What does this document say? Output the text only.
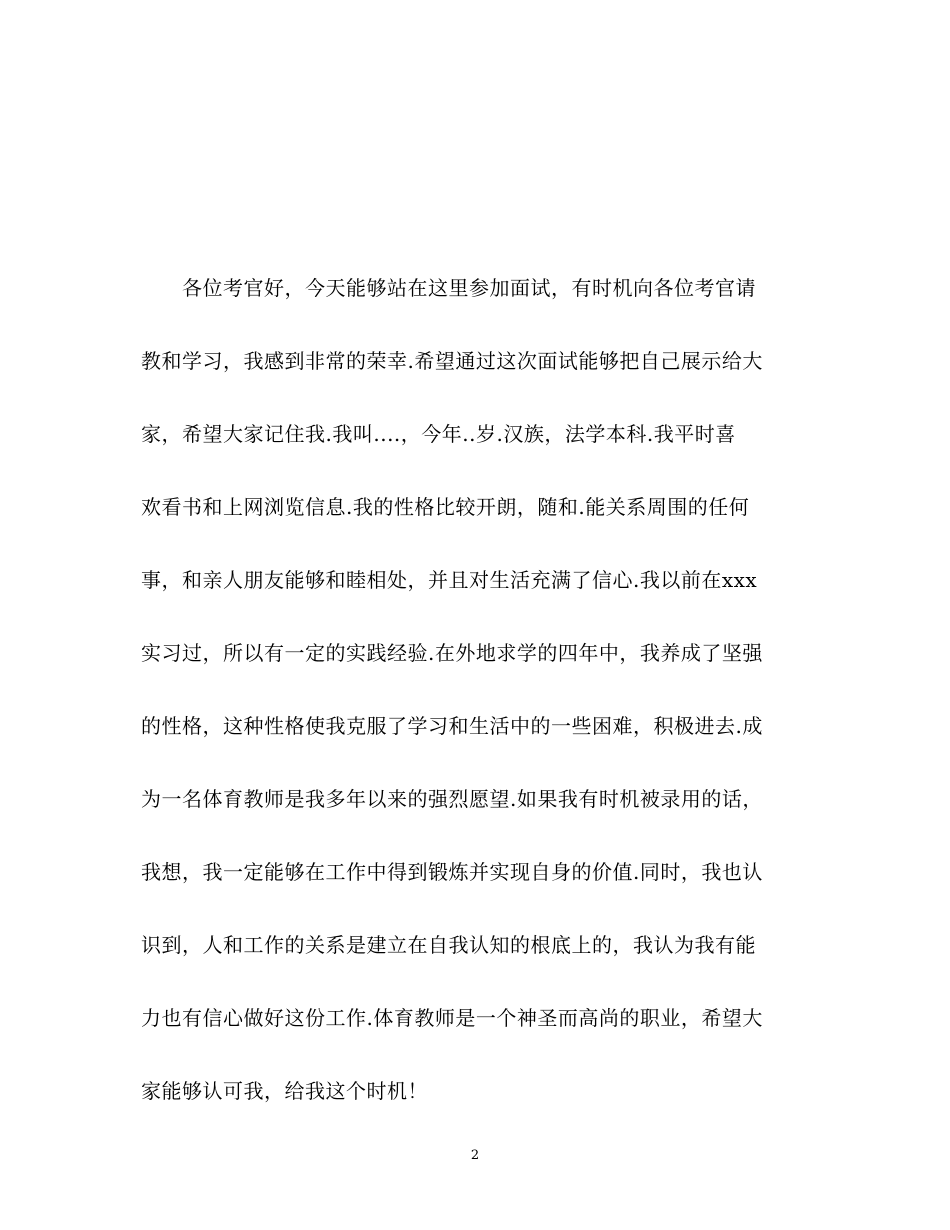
各位考官好，今天能够站在这里参加面试，有时机向各位考官请
教和学习，我感到非常的荣幸.希望通过这次面试能够把自己展示给大
家，希望大家记住我.我叫....，今年..岁.汉族，法学本科.我平时喜
欢看书和上网浏览信息.我的性格比较开朗，随和.能关系周围的任何
事，和亲人朋友能够和睦相处，并且对生活充满了信心.我以前在xxx
实习过，所以有一定的实践经验.在外地求学的四年中，我养成了坚强
的性格，这种性格使我克服了学习和生活中的一些困难，积极进去.成
为一名体育教师是我多年以来的强烈愿望.如果我有时机被录用的话，
我想，我一定能够在工作中得到锻炼并实现自身的价值.同时，我也认
识到，人和工作的关系是建立在自我认知的根底上的，我认为我有能
力也有信心做好这份工作.体育教师是一个神圣而高尚的职业，希望大
家能够认可我，给我这个时机！
2
